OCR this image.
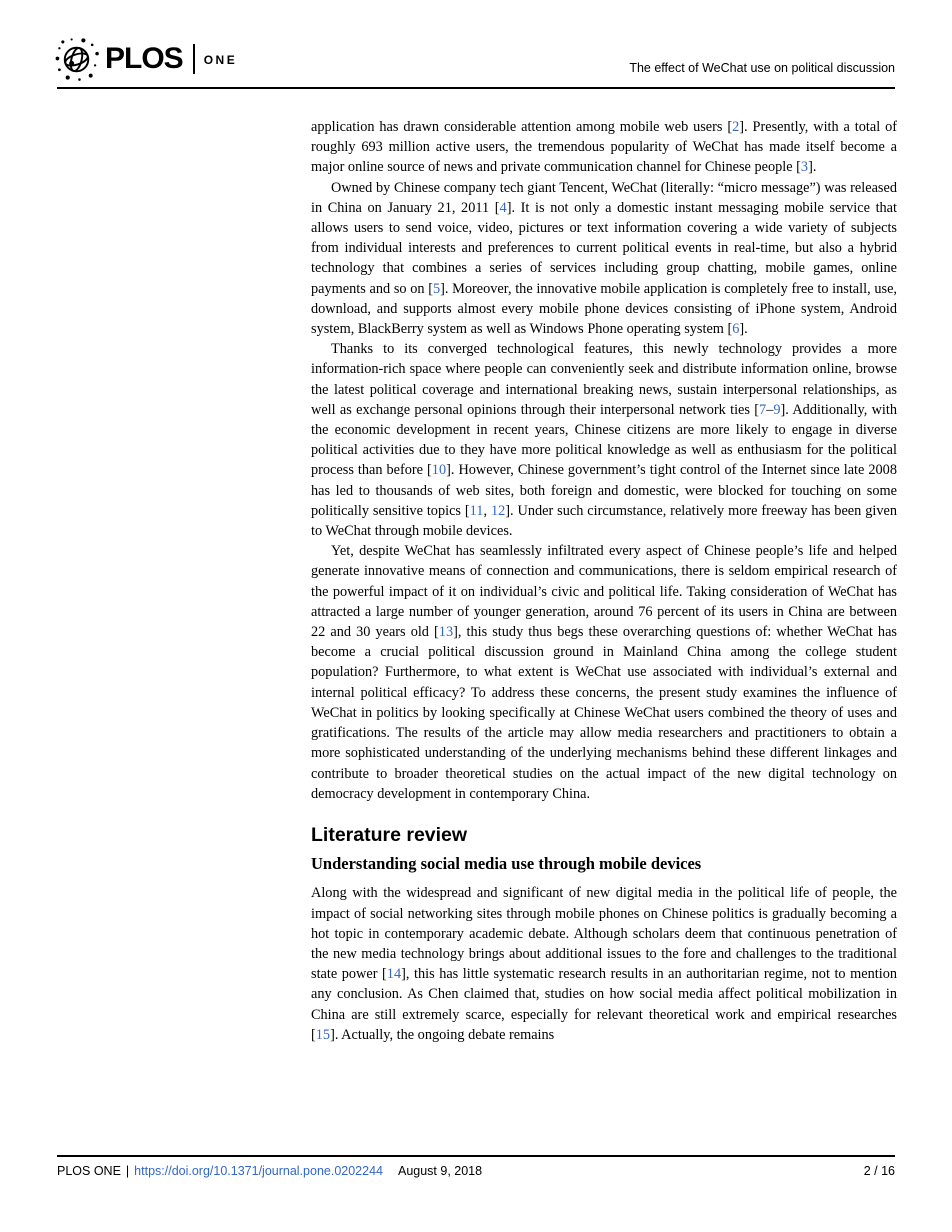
PLOS ONE
The effect of WeChat use on political discussion

application has drawn considerable attention among mobile web users [2]. Presently, with a total of roughly 693 million active users, the tremendous popularity of WeChat has made itself become a major online source of news and private communication channel for Chinese people [3].

Owned by Chinese company tech giant Tencent, WeChat (literally: “micro message”) was released in China on January 21, 2011 [4]. It is not only a domestic instant messaging mobile service that allows users to send voice, video, pictures or text information covering a wide variety of subjects from individual interests and preferences to current political events in real-time, but also a hybrid technology that combines a series of services including group chatting, mobile games, online payments and so on [5]. Moreover, the innovative mobile application is completely free to install, use, download, and supports almost every mobile phone devices consisting of iPhone system, Android system, BlackBerry system as well as Windows Phone operating system [6].

Thanks to its converged technological features, this newly technology provides a more information-rich space where people can conveniently seek and distribute information online, browse the latest political coverage and international breaking news, sustain interpersonal relationships, as well as exchange personal opinions through their interpersonal network ties [7–9]. Additionally, with the economic development in recent years, Chinese citizens are more likely to engage in diverse political activities due to they have more political knowledge as well as enthusiasm for the political process than before [10]. However, Chinese government’s tight control of the Internet since late 2008 has led to thousands of web sites, both foreign and domestic, were blocked for touching on some politically sensitive topics [11, 12]. Under such circumstance, relatively more freeway has been given to WeChat through mobile devices.

Yet, despite WeChat has seamlessly infiltrated every aspect of Chinese people’s life and helped generate innovative means of connection and communications, there is seldom empirical research of the powerful impact of it on individual’s civic and political life. Taking consideration of WeChat has attracted a large number of younger generation, around 76 percent of its users in China are between 22 and 30 years old [13], this study thus begs these overarching questions of: whether WeChat has become a crucial political discussion ground in Mainland China among the college student population? Furthermore, to what extent is WeChat use associated with individual’s external and internal political efficacy? To address these concerns, the present study examines the influence of WeChat in politics by looking specifically at Chinese WeChat users combined the theory of uses and gratifications. The results of the article may allow media researchers and practitioners to obtain a more sophisticated understanding of the underlying mechanisms behind these different linkages and contribute to broader theoretical studies on the actual impact of the new digital technology on democracy development in contemporary China.

Literature review
Understanding social media use through mobile devices

Along with the widespread and significant of new digital media in the political life of people, the impact of social networking sites through mobile phones on Chinese politics is gradually becoming a hot topic in contemporary academic debate. Although scholars deem that continuous penetration of the new media technology brings about additional issues to the fore and challenges to the traditional state power [14], this has little systematic research results in an authoritarian regime, not to mention any conclusion. As Chen claimed that, studies on how social media affect political mobilization in China are still extremely scarce, especially for relevant theoretical work and empirical researches [15]. Actually, the ongoing debate remains

PLOS ONE | https://doi.org/10.1371/journal.pone.0202244 August 9, 2018	2 / 16
